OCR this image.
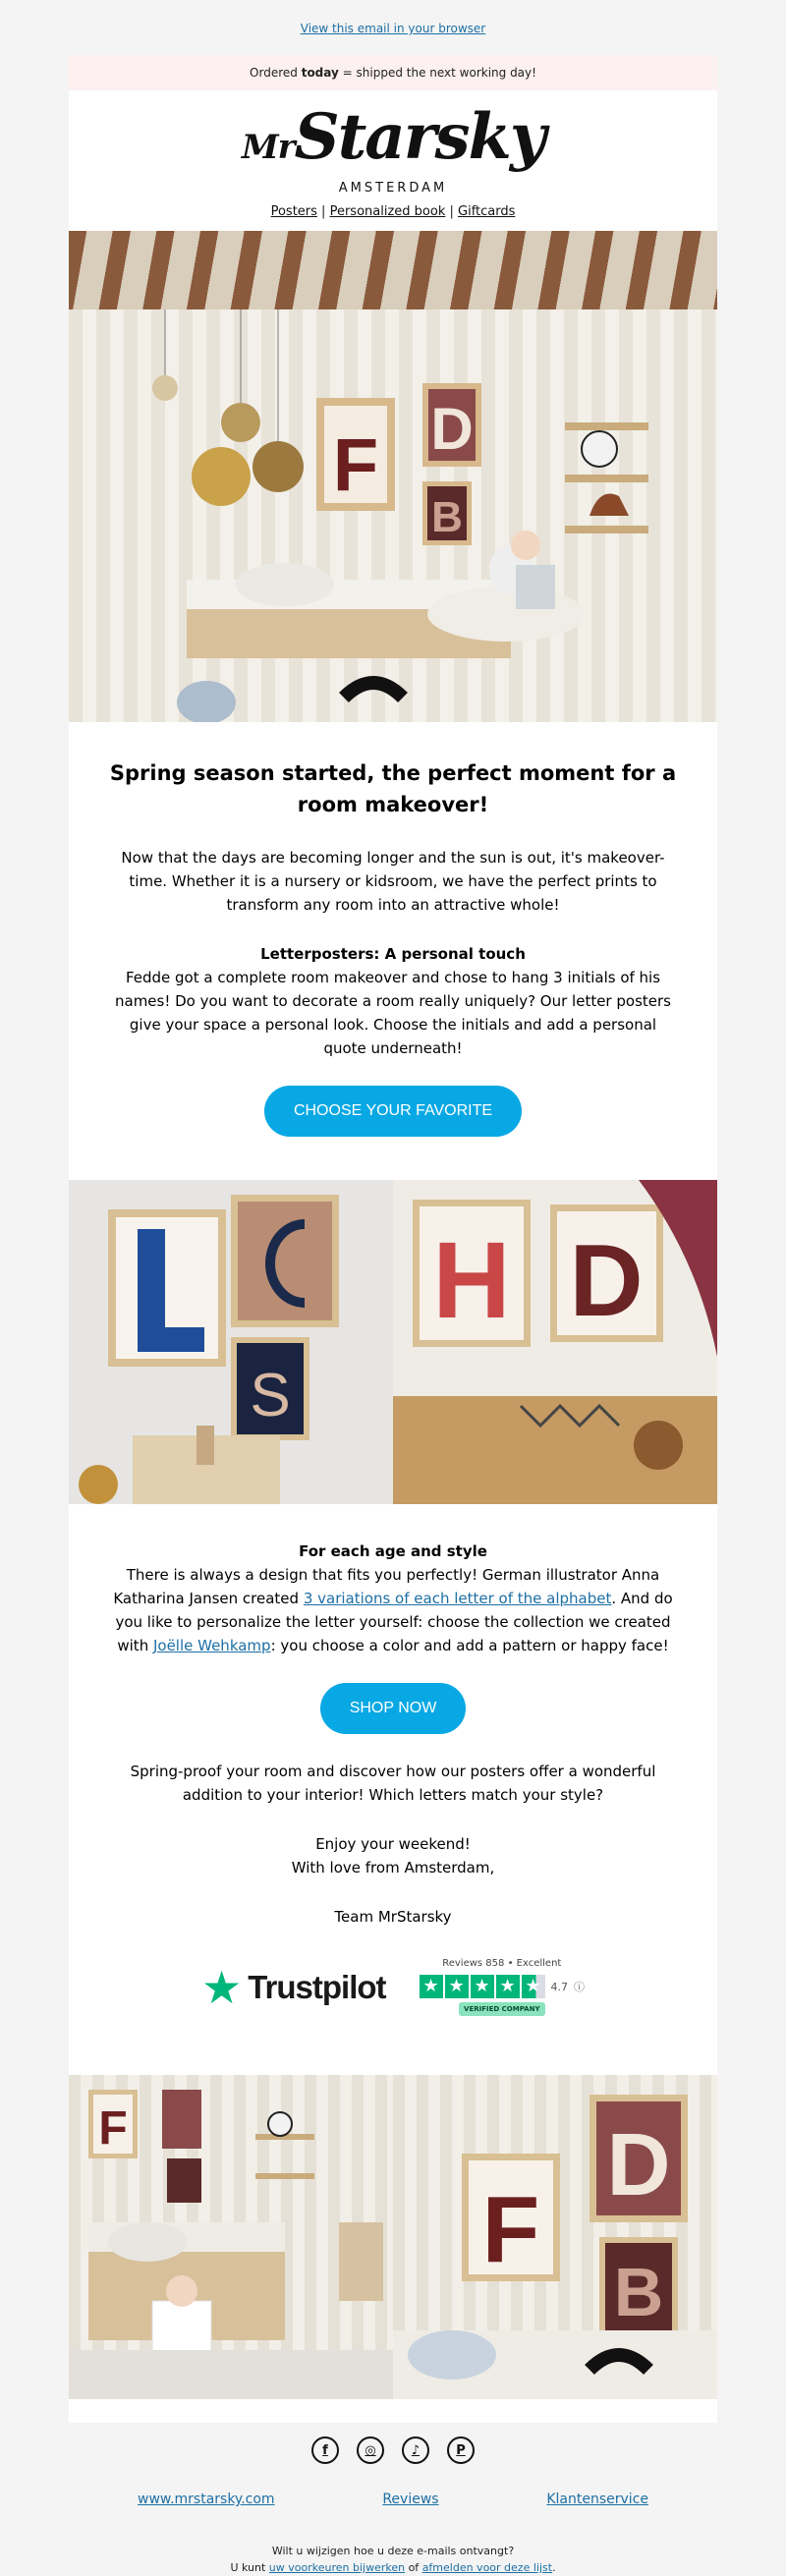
View this email in your browser
Ordered today = shipped the next working day!
MrStarsky
AMSTERDAM
Posters | Personalized book | Giftcards
F D
B
Spring season started, the perfect moment for a room makeover!

Now that the days are becoming longer and the sun is out, it's makeover-time. Whether it is a nursery or kidsroom, we have the perfect prints to transform any room into an attractive whole!

Letterposters: A personal touch
Fedde got a complete room makeover and chose to hang 3 initials of his names! Do you want to decorate a room really uniquely? Our letter posters give your space a personal look. Choose the initials and add a personal quote underneath!

CHOOSE YOUR FAVORITE
S
H D

For each age and style
There is always a design that fits you perfectly! German illustrator Anna Katharina Jansen created 3 variations of each letter of the alphabet. And do you like to personalize the letter yourself: choose the collection we created with Joëlle Wehkamp: you choose a color and add a pattern or happy face!

SHOP NOW

Spring-proof your room and discover how our posters offer a wonderful addition to your interior! Which letters match your style?

Enjoy your weekend!
With love from Amsterdam,

Team MrStarsky

★ Trustpilot
Reviews 858 • Excellent
★ ★ ★ ★ ★ 4.7 ⓘ
VERIFIED COMPANY
F
F
D
B
f	◎	♪	P
www.mrstarsky.com	Reviews	Klantenservice
Wilt u wijzigen hoe u deze e-mails ontvangt?
U kunt uw voorkeuren bijwerken of afmelden voor deze lijst.
